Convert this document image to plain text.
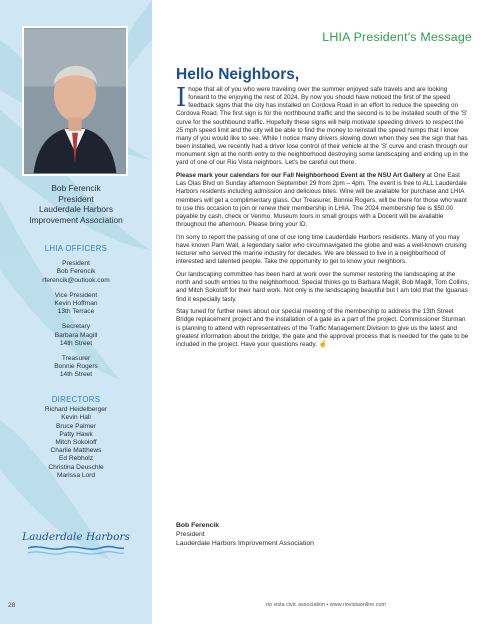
Bob Ferencik
President
Lauderdale Harbors
Improvement Association
LHIA OFFICERS
President
Bob Ferencik
rferencik@outlook.com
Vice President
Kevin Hoffman
13th Terrace
Secretary
Barbara Magill
14th Street
Treasurer
Bonnie Rogers
14th Street
DIRECTORS
Richard Heidelberger
Kevin Hall
Bruce Palmer
Patty Hawk
Mitch Sokoloff
Charlie Matthews
Ed Rebholz
Christina Deuschle
Marissa Lord
Lauderdale Harbors
28
LHIA President's Message
Hello Neighbors,

Ihope that all of you who were traveling over the summer enjoyed safe travels and are looking forward to the enjoying the rest of 2024. By now you should have noticed the first of the speed feedback signs that the city has installed on Cordova Road in an effort to reduce the speeding on Cordova Road. The first sign is for the northbound traffic and the second is to be installed south of the 'S' curve for the southbound traffic. Hopefully these signs will help motivate speeding drivers to respect the 25 mph speed limit and the city will be able to find the money to reinstall the speed humps that I know many of you would like to see. While I notice many drivers slowing down when they see the sign that has been installed, we recently had a driver lose control of their vehicle at the 'S' curve and crash through our monument sign at the north entry to the neighborhood destroying some landscaping and ending up in the yard of one of our Rio Vista neighbors. Let's be careful out there.

Please mark your calendars for our Fall Neighborhood Event at the NSU Art Gallery at One East Las Olas Blvd on Sunday afternoon September 29 from 2pm – 4pm. The event is free to ALL Lauderdale Harbors residents including admission and delicious bites. Wine will be available for purchase and LHIA members will get a complimentary glass. Our Treasurer, Bonnie Rogers, will be there for those who want to use this occasion to join or renew their membership in LHIA. The 2024 membership fee is $50.00 payable by cash, check or Venmo. Museum tours in small groups with a Docent will be available throughout the afternoon. Please bring your ID.

I'm sorry to report the passing of one of our long time Lauderdale Harbors residents. Many of you may have known Pam Wall, a legendary sailor who circumnavigated the globe and was a well-known cruising lecturer who served the marine industry for decades. We are blessed to live in a neighborhood of interested and talented people. Take the opportunity to get to know your neighbors.

Our landscaping committee has been hard at work over the summer restoring the landscaping at the north and south entries to the neighborhood. Special thinks go to Barbara Magill, Bob Magill, Tom Collins, and Mitch Sokoloff for their hard work. Not only is the landscaping beautiful but I am told that the Iguanas find it especially tasty.

Stay tuned for further news about our special meeting of the membership to address the 13th Street Bridge replacement project and the installation of a gate as a part of the project. Commissioner Sturman is planning to attend with representatives of the Traffic Management Division to give us the latest and greatest information about the bridge, the gate and the approval process that is needed for the gate to be included in the project. Have your questions ready. ☝

Bob Ferencik
President
Lauderdale Harbors Improvement Association
rio vista civic association • www.riovistaonline.com
